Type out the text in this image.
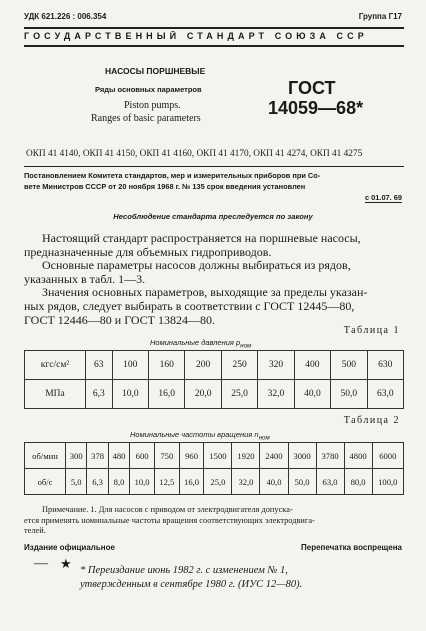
УДК 621.226 : 006.354	Группа Г17
ГОСУДАРСТВЕННЫЙ СТАНДАРТ СОЮЗА ССР
НАСОСЫ ПОРШНЕВЫЕ
Ряды основных параметров
Piston pumps.
Ranges of basic parameters
ГОСТ
14059—68*
ОКП 41 4140, ОКП 41 4150, ОКП 41 4160, ОКП 41 4170, ОКП 41 4274, ОКП 41 4275
Постановлением Комитета стандартов, мер и измерительных приборов при Со-
вете Министров СССР от 20 ноября 1968 г. № 135 срок введения установлен
с 01.07. 69
Несоблюдение стандарта преследуется по закону

Настоящий стандарт распространяется на поршневые насосы,

предназначенные для объемных гидроприводов.

Основные параметры насосов должны выбираться из рядов,

указанных в табл. 1—3.

Значения основных параметров, выходящие за пределы указан-

ных рядов, следует выбирать в соответствии с ГОСТ 12445—80,

ГОСТ 12446—80 и ГОСТ 13824—80.

Таблица 1
Номинальные давления $p_{ном}$
кгс/см²	63	100	160	200	250	320	400	500	630
МПа	6,3	10,0	16,0	20,0	25,0	32,0	40,0	50,0	63,0
Таблица 2
Номинальные частоты вращения $n_{ном}$
об/мин	300	378	480	600	750	960	1500	1920	2400	3000	3780	4800	6000
об/с	5,0	6,3	8,0	10,0	12,5	16,0	25,0	32,0	40,0	50,0	63,0	80,0	100,0

Примечание. 1. Для насосов с приводом от электродвигателя допуска-

ется применять номинальные частоты вращения соответствующих электродвига-

телей.

Издание официальное	Перепечатка воспрещена
— ★ * Переиздание июнь 1982 г. с изменением № 1,
утвержденным в сентябре 1980 г. (ИУС 12—80).
